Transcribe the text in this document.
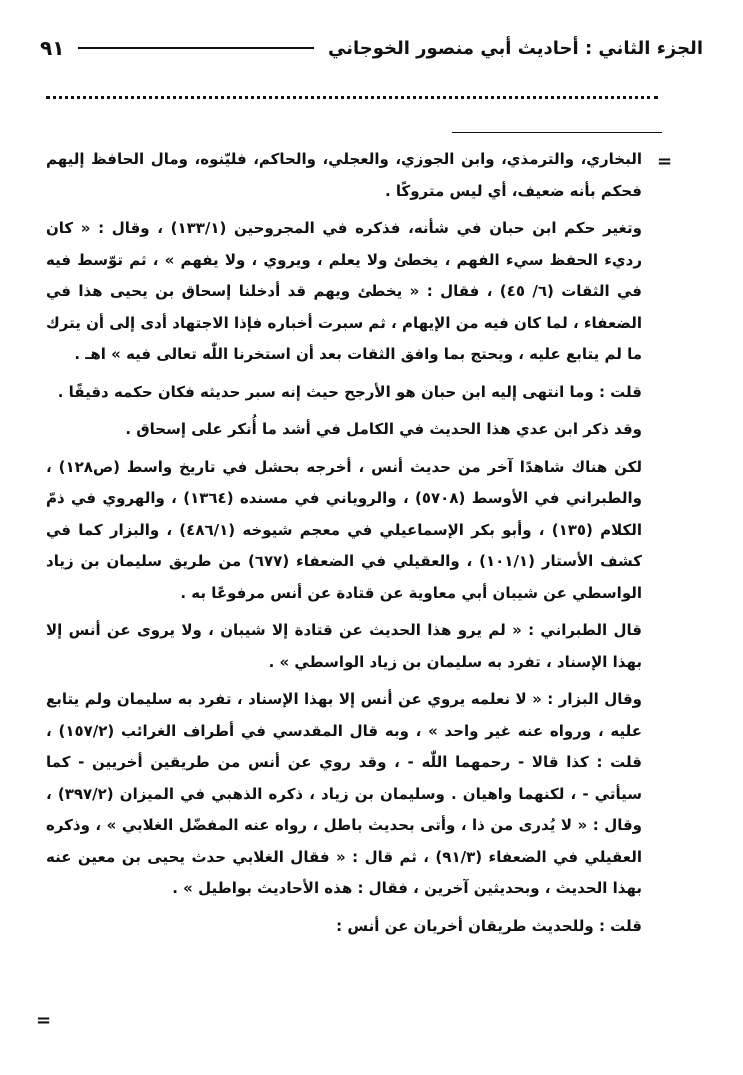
الجزء الثاني : أحاديث أبي منصور الخوجاني
٩١
=

البخاري، والترمذي، وابن الجوزي، والعجلي، والحاكم، فليّنوه، ومال الحافظ إليهم فحكم بأنه ضعيف، أي ليس متروكًا .

وتغير حكم ابن حبان في شأنه، فذكره في المجروحين (١٣٣/١) ، وقال : « كان رديء الحفظ سيء الفهم ، يخطئ ولا يعلم ، ويروي ، ولا يفهم » ، ثم توّسط فيه في الثقات (٦/ ٤٥) ، فقال : « يخطئ ويهم قد أدخلنا إسحاق بن يحيى هذا في الضعفاء ، لما كان فيه من الإيهام ، ثم سبرت أخباره فإذا الاجتهاد أدى إلى أن يترك ما لم يتابع عليه ، ويحتج بما وافق الثقات بعد أن استخرنا اللّٰه تعالى فيه » اهـ .

قلت : وما انتهى إليه ابن حبان هو الأرجح حيث إنه سبر حديثه فكان حكمه دقيقًا .

وقد ذكر ابن عدي هذا الحديث في الكامل في أشد ما أُنكر على إسحاق .

لكن هناك شاهدًا آخر من حديث أنس ، أخرجه بحشل في تاريخ واسط (ص١٢٨) ، والطبراني في الأوسط (٥٧٠٨) ، والروياني في مسنده (١٣٦٤) ، والهروي في ذمّ الكلام (١٣٥) ، وأبو بكر الإسماعيلي في معجم شيوخه (٤٨٦/١) ، والبزار كما في كشف الأستار (١٠١/١) ، والعقيلي في الضعفاء (٦٧٧) من طريق سليمان بن زياد الواسطي عن شيبان أبي معاوية عن قتادة عن أنس مرفوعًا به .

قال الطبراني : « لم يرو هذا الحديث عن قتادة إلا شيبان ، ولا يروى عن أنس إلا بهذا الإسناد ، تفرد به سليمان بن زياد الواسطي » .

وقال البزار : « لا نعلمه يروي عن أنس إلا بهذا الإسناد ، تفرد به سليمان ولم يتابع عليه ، ورواه عنه غير واحد » ، وبه قال المقدسي في أطراف الغرائب (١٥٧/٢) ، قلت : كذا قالا - رحمهما اللّٰه - ، وقد روي عن أنس من طريقين أخريين - كما سيأتي - ، لكنهما واهيان . وسليمان بن زياد ، ذكره الذهبي في الميزان (٣٩٧/٢) ، وقال : « لا يُدرى من ذا ، وأتى بحديث باطل ، رواه عنه المفضّل الغلابي » ، وذكره العقيلي في الضعفاء (٩١/٣) ، ثم قال : « فقال الغلابي حدث يحيى بن معين عنه بهذا الحديث ، وبحديثين آخرين ، فقال : هذه الأحاديث بواطيل » .

قلت : وللحديث طريقان أخريان عن أنس :

=
